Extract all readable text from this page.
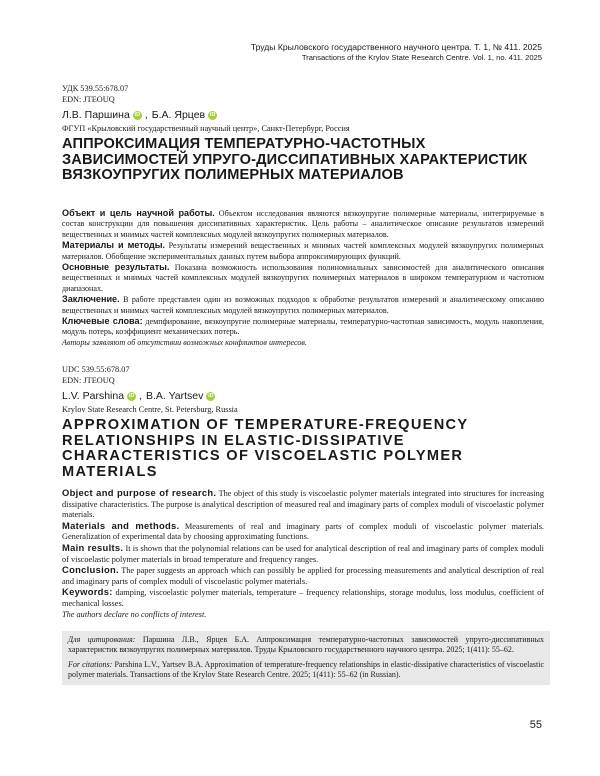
Труды Крыловского государственного научного центра. Т. 1, № 411. 2025
Transactions of the Krylov State Research Centre. Vol. 1, no. 411. 2025
УДК 539.55:678.07
EDN: JTEOUQ
Л.В. Паршина iD , Б.А. Ярцев iD
ФГУП «Крыловский государственный научный центр», Санкт-Петербург, Россия
АППРОКСИМАЦИЯ ТЕМПЕРАТУРНО-ЧАСТОТНЫХ ЗАВИСИМОСТЕЙ УПРУГО-ДИССИПАТИВНЫХ ХАРАКТЕРИСТИК ВЯЗКОУПРУГИХ ПОЛИМЕРНЫХ МАТЕРИАЛОВ

Объект и цель научной работы. Объектом исследования являются вязкоупругие полимерные материалы, интегрируемые в состав конструкции для повышения диссипативных характеристик. Цель работы – аналитическое описание результатов измерений вещественных и мнимых частей комплексных модулей вязкоупругих полимерных материалов.

Материалы и методы. Результаты измерений вещественных и мнимых частей комплексных модулей вязкоупругих полимерных материалов. Обобщение экспериментальных данных путем выбора аппроксимирующих функций.

Основные результаты. Показана возможность использования полиномиальных зависимостей для аналитического описания вещественных и мнимых частей комплексных модулей вязкоупругих полимерных материалов в широком температурном и частотном диапазонах.

Заключение. В работе представлен один из возможных подходов к обработке результатов измерений и аналитическому описанию вещественных и мнимых частей комплексных модулей вязкоупругих полимерных материалов.

Ключевые слова: демпфирование, вязкоупругие полимерные материалы, температурно-частотная зависимость, модуль накопления, модуль потерь, коэффициент механических потерь.

Авторы заявляют об отсутствии возможных конфликтов интересов.

UDC 539.55:678.07
EDN: JTEOUQ
L.V. Parshina iD , B.A. Yartsev iD
Krylov State Research Centre, St. Petersburg, Russia
APPROXIMATION OF TEMPERATURE-FREQUENCY RELATIONSHIPS IN ELASTIC-DISSIPATIVE CHARACTERISTICS OF VISCOELASTIC POLYMER MATERIALS

Object and purpose of research. The object of this study is viscoelastic polymer materials integrated into structures for increasing dissipative characteristics. The purpose is analytical description of measured real and imaginary parts of complex moduli of viscoelastic polymer materials.

Materials and methods. Measurements of real and imaginary parts of complex moduli of viscoelastic polymer materials. Generalization of experimental data by choosing approximating functions.

Main results. It is shown that the polynomial relations can be used for analytical description of real and imaginary parts of complex moduli of viscoelastic polymer materials in broad temperature and frequency ranges.

Conclusion. The paper suggests an approach which can possibly be applied for processing measurements and analytical description of real and imaginary parts of complex moduli of viscoelastic polymer materials.

Keywords: damping, viscoelastic polymer materials, temperature – frequency relationships, storage modulus, loss modulus, coefficient of mechanical losses.

The authors declare no conflicts of interest.

Для цитирования: Паршина Л.В., Ярцев Б.А. Аппроксимация температурно-частотных зависимостей упруго-диссипативных характеристик вязкоупругих полимерных материалов. Труды Крыловского государственного научного центра. 2025; 1(411): 55–62.

For citations: Parshina L.V., Yartsev B.A. Approximation of temperature-frequency relationships in elastic-dissipative characteristics of viscoelastic polymer materials. Transactions of the Krylov State Research Centre. 2025; 1(411): 55–62 (in Russian).

55
